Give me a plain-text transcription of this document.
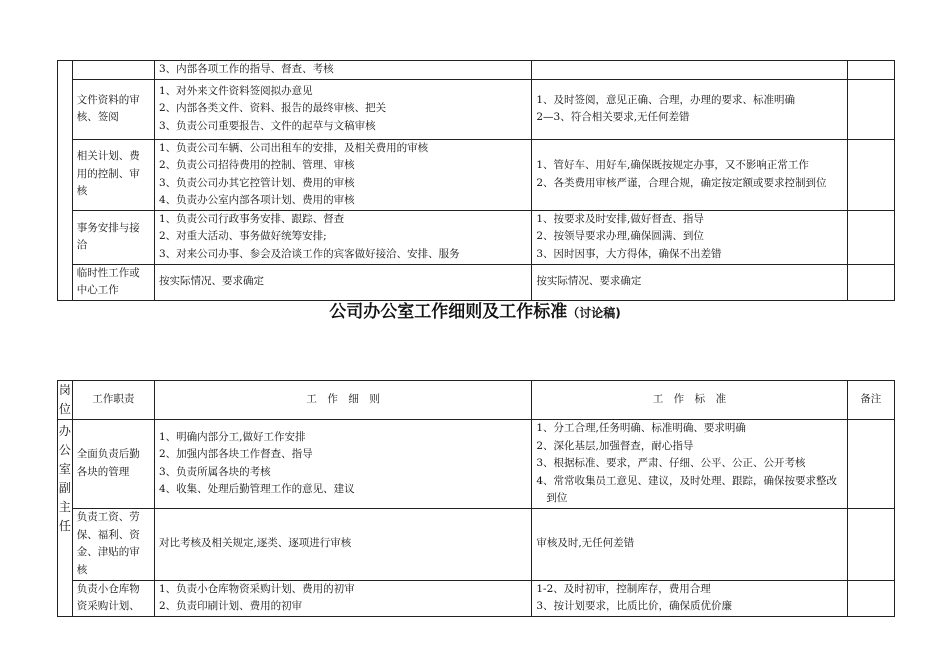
		3、内部各项工作的指导、督查、考核		

	文件资料的审核、签阅	1、对外来文件资料签阅拟办意见
2、内部各类文件、资料、报告的最终审核、把关
3、负责公司重要报告、文件的起草与文稿审核	1、及时签阅，意见正确、合理，办理的要求、标准明确
2—3、符合相关要求,无任何差错	

	相关计划、费用的控制、审核	1、负责公司车辆、公司出租车的安排，及相关费用的审核
2、负责公司招待费用的控制、管理、审核
3、负责公司办其它控管计划、费用的审核
4、负责办公室内部各项计划、费用的审核	1、管好车、用好车,确保既按规定办事，又不影响正常工作
2、各类费用审核严谨，合理合规，确定按定额或要求控制到位	

	事务安排与接洽	1、负责公司行政事务安排、跟踪、督查
2、对重大活动、事务做好统筹安排;
3、对来公司办事、参会及洽谈工作的宾客做好接洽、安排、服务	1、按要求及时安排,做好督查、指导
2、按领导要求办理,确保圆满、到位
3、因时因事，大方得体，确保不出差错	

	临时性工作或中心工作	按实际情况、要求确定	按实际情况、要求确定	

公司办公室工作细则及工作标准（讨论稿)
岗位	工作职责	工　作　细　则	工　作　标　准	备注
办公室副主任	全面负责后勤各块的管理	1、明确内部分工,做好工作安排
2、加强内部各块工作督查、指导
3、负责所属各块的考核
4、收集、处理后勤管理工作的意见、建议	1、分工合理,任务明确、标准明确、要求明确
2、深化基层,加强督查，耐心指导
3、根据标准、要求，严肃、仔细、公平、公正、公开考核
4、常常收集员工意见、建议，及时处理、跟踪，确保按要求整改到位	

	负责工资、劳保、福利、资金、津贴的审核	对比考核及相关规定,逐类、逐项进行审核	审核及时,无任何差错	

	负责小仓库物资采购计划、	1、负责小仓库物资采购计划、费用的初审
2、负责印刷计划、费用的初审	1-2、及时初审，控制库存，费用合理
3、按计划要求，比质比价，确保质优价廉	
